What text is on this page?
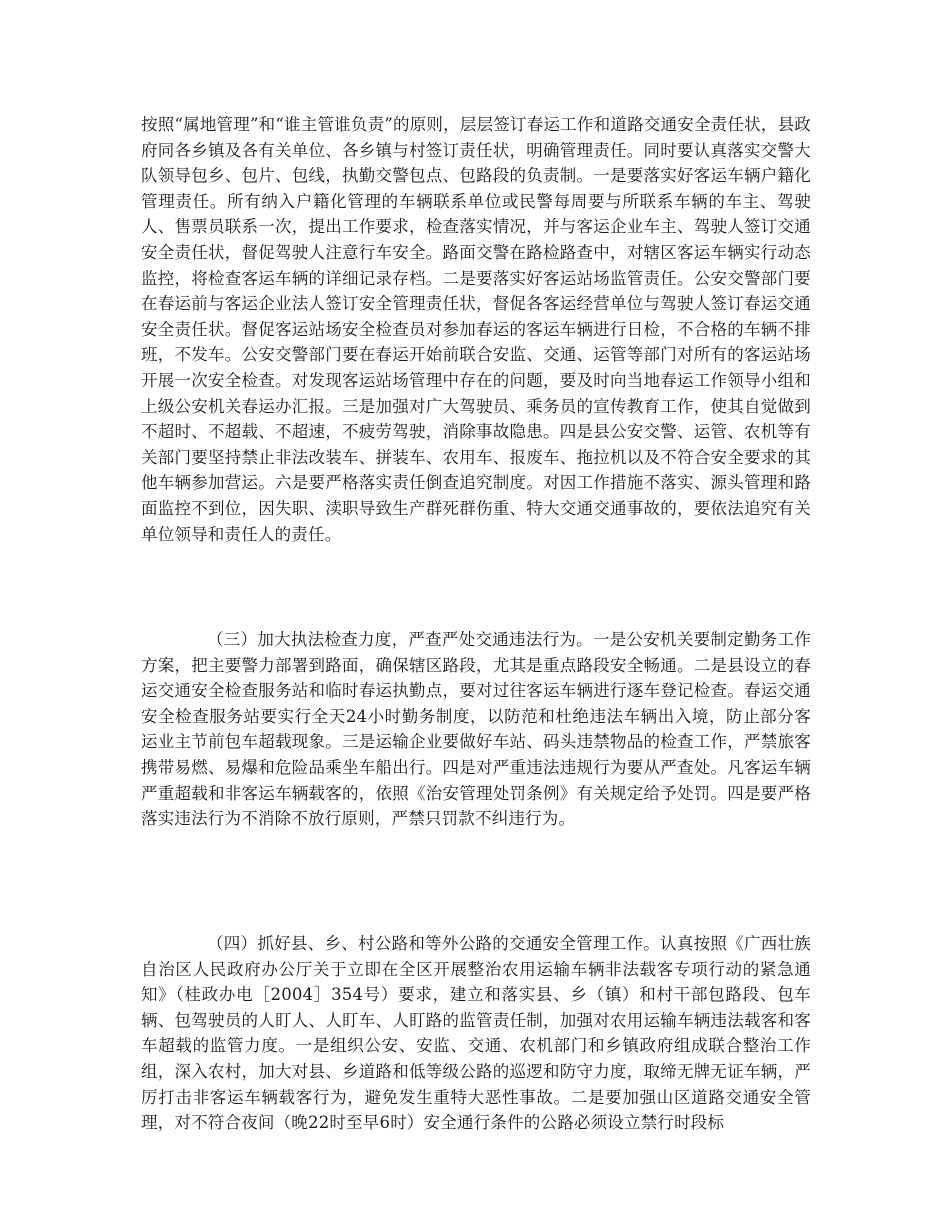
按照“属地管理”和“谁主管谁负责”的原则，层层签订春运工作和道路交通安全责任状，县政府同各乡镇及各有关单位、各乡镇与村签订责任状，明确管理责任。同时要认真落实交警大队领导包乡、包片、包线，执勤交警包点、包路段的负责制。一是要落实好客运车辆户籍化管理责任。所有纳入户籍化管理的车辆联系单位或民警每周要与所联系车辆的车主、驾驶人、售票员联系一次，提出工作要求，检查落实情况，并与客运企业车主、驾驶人签订交通安全责任状，督促驾驶人注意行车安全。路面交警在路检路查中，对辖区客运车辆实行动态监控，将检查客运车辆的详细记录存档。二是要落实好客运站场监管责任。公安交警部门要在春运前与客运企业法人签订安全管理责任状，督促各客运经营单位与驾驶人签订春运交通安全责任状。督促客运站场安全检查员对参加春运的客运车辆进行日检，不合格的车辆不排班，不发车。公安交警部门要在春运开始前联合安监、交通、运管等部门对所有的客运站场开展一次安全检查。对发现客运站场管理中存在的问题，要及时向当地春运工作领导小组和上级公安机关春运办汇报。三是加强对广大驾驶员、乘务员的宣传教育工作，使其自觉做到不超时、不超载、不超速，不疲劳驾驶，消除事故隐患。四是县公安交警、运管、农机等有关部门要坚持禁止非法改装车、拼装车、农用车、报废车、拖拉机以及不符合安全要求的其他车辆参加营运。六是要严格落实责任倒查追究制度。对因工作措施不落实、源头管理和路面监控不到位，因失职、渎职导致生产群死群伤重、特大交通交通事故的，要依法追究有关单位领导和责任人的责任。

（三）加大执法检查力度，严查严处交通违法行为。一是公安机关要制定勤务工作方案，把主要警力部署到路面，确保辖区路段，尤其是重点路段安全畅通。二是县设立的春运交通安全检查服务站和临时春运执勤点，要对过往客运车辆进行逐车登记检查。春运交通安全检查服务站要实行全天24小时勤务制度，以防范和杜绝违法车辆出入境，防止部分客运业主节前包车超载现象。三是运输企业要做好车站、码头违禁物品的检查工作，严禁旅客携带易燃、易爆和危险品乘坐车船出行。四是对严重违法违规行为要从严查处。凡客运车辆严重超载和非客运车辆载客的，依照《治安管理处罚条例》有关规定给予处罚。四是要严格落实违法行为不消除不放行原则，严禁只罚款不纠违行为。

（四）抓好县、乡、村公路和等外公路的交通安全管理工作。认真按照《广西壮族自治区人民政府办公厅关于立即在全区开展整治农用运输车辆非法载客专项行动的紧急通知》（桂政办电［2004］354号）要求，建立和落实县、乡（镇）和村干部包路段、包车辆、包驾驶员的人盯人、人盯车、人盯路的监管责任制，加强对农用运输车辆违法载客和客车超载的监管力度。一是组织公安、安监、交通、农机部门和乡镇政府组成联合整治工作组，深入农村，加大对县、乡道路和低等级公路的巡逻和防守力度，取缔无牌无证车辆，严厉打击非客运车辆载客行为，避免发生重特大恶性事故。二是要加强山区道路交通安全管理，对不符合夜间（晚22时至早6时）安全通行条件的公路必须设立禁行时段标
